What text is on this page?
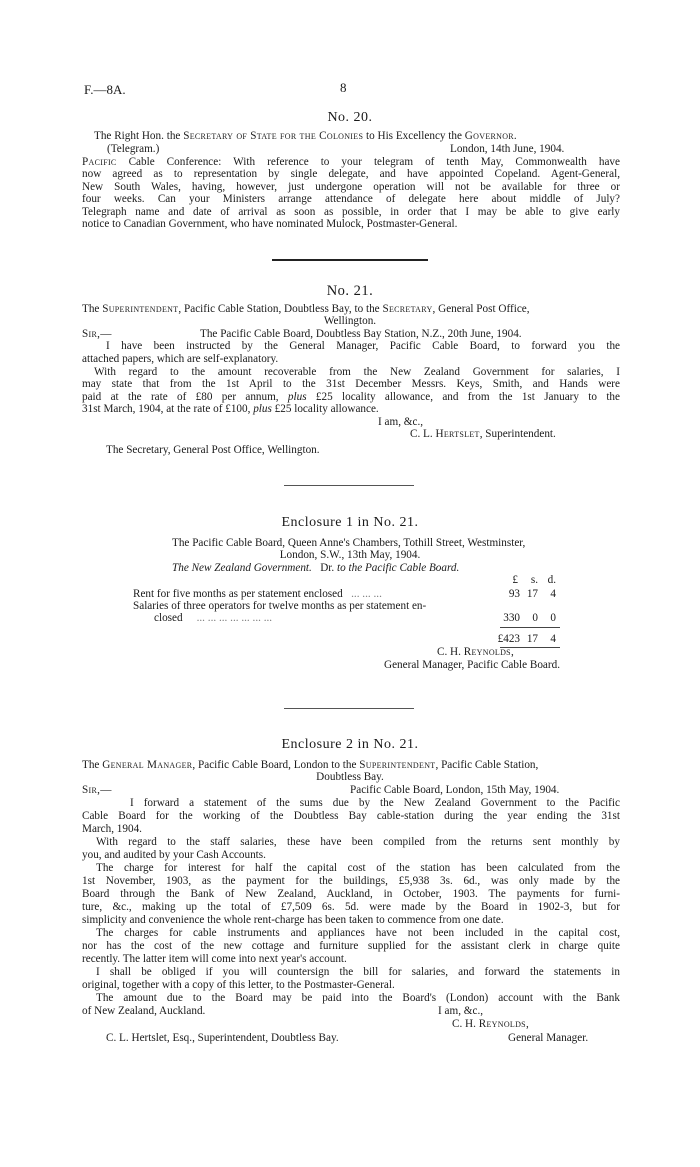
F.—8A.	8
No. 20.
The Right Hon. the Secretary of State for the Colonies to His Excellency the Governor.
(Telegram.)	London, 14th June, 1904.
Pacific Cable Conference: With reference to your telegram of tenth May, Commonwealth have
now agreed as to representation by single delegate, and have appointed Copeland. Agent-General,
New South Wales, having, however, just undergone operation will not be available for three or
four weeks. Can your Ministers arrange attendance of delegate here about middle of July?
Telegraph name and date of arrival as soon as possible, in order that I may be able to give early
notice to Canadian Government, who have nominated Mulock, Postmaster-General.
No. 21.
The Superintendent, Pacific Cable Station, Doubtless Bay, to the Secretary, General Post Office,
Wellington.
Sir,—	The Pacific Cable Board, Doubtless Bay Station, N.Z., 20th June, 1904.
I have been instructed by the General Manager, Pacific Cable Board, to forward you the
attached papers, which are self-explanatory.
With regard to the amount recoverable from the New Zealand Government for salaries, I
may state that from the 1st April to the 31st December Messrs. Keys, Smith, and Hands were
paid at the rate of £80 per annum, plus £25 locality allowance, and from the 1st January to the
31st March, 1904, at the rate of £100, plus £25 locality allowance.
I am, &c.,
C. L. Hertslet, Superintendent.
The Secretary, General Post Office, Wellington.
Enclosure 1 in No. 21.
The Pacific Cable Board, Queen Anne's Chambers, Tothill Street, Westminster,
London, S.W., 13th May, 1904.
The New Zealand Government. Dr. to the Pacific Cable Board.
£	s. d.
Rent for five months as per statement enclosed ... ... ...	93 17	4
Salaries of three operators for twelve months as per statement en-
closed ... ... ... ... ... ... ...	330	0	0
£423 17	4
C. H. Reynolds,
General Manager, Pacific Cable Board.
Enclosure 2 in No. 21.
The General Manager, Pacific Cable Board, London to the Superintendent, Pacific Cable Station,
Doubtless Bay.
Sir,—	Pacific Cable Board, London, 15th May, 1904.
I forward a statement of the sums due by the New Zealand Government to the Pacific
Cable Board for the working of the Doubtless Bay cable-station during the year ending the 31st
March, 1904.
With regard to the staff salaries, these have been compiled from the returns sent monthly by
you, and audited by your Cash Accounts.
The charge for interest for half the capital cost of the station has been calculated from the
1st November, 1903, as the payment for the buildings, £5,938 3s. 6d., was only made by the
Board through the Bank of New Zealand, Auckland, in October, 1903. The payments for furni-
ture, &c., making up the total of £7,509 6s. 5d. were made by the Board in 1902-3, but for
simplicity and convenience the whole rent-charge has been taken to commence from one date.
The charges for cable instruments and appliances have not been included in the capital cost,
nor has the cost of the new cottage and furniture supplied for the assistant clerk in charge quite
recently. The latter item will come into next year's account.
I shall be obliged if you will countersign the bill for salaries, and forward the statements in
original, together with a copy of this letter, to the Postmaster-General.
The amount due to the Board may be paid into the Board's (London) account with the Bank
of New Zealand, Auckland.	I am, &c.,
C. H. Reynolds,
C. L. Hertslet, Esq., Superintendent, Doubtless Bay.	General Manager.
